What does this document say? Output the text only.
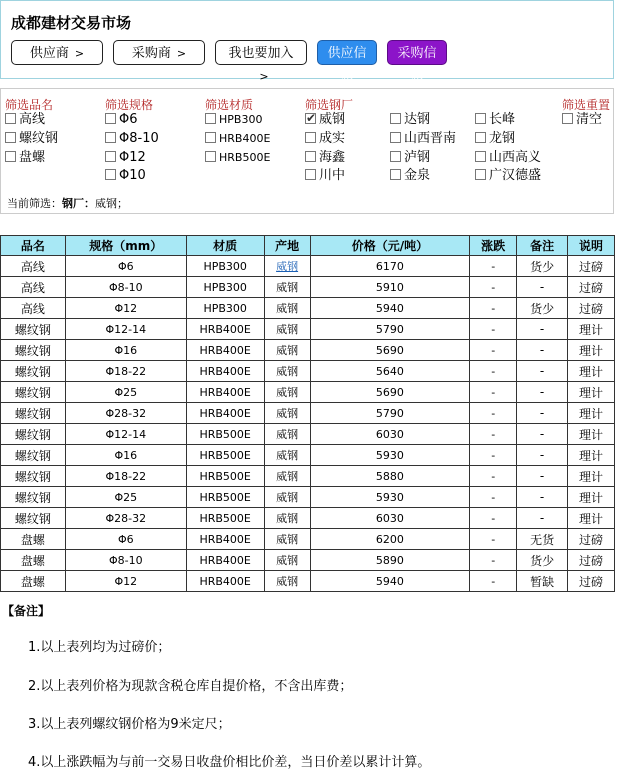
成都建材交易市场
供应商 >	采购商 >	我也要加入>
供应信息
采购信息
筛选品名
高线
螺纹钢
盘螺
筛选规格
Φ6
Φ8-10
Φ12
Φ10
筛选材质
HPB300
HRB400E
HRB500E
筛选钢厂
✔威钢
成实
海鑫
川中
达钢
山西晋南
泸钢
金泉
长峰
龙钢
山西高义
广汉德盛
筛选重置
清空
当前筛选：钢厂：威钢；
品名	规格（mm）	材质	产地	价格（元/吨）	涨跌	备注	说明
高线	Φ6	HPB300	威钢	6170	-	货少	过磅
高线	Φ8-10	HPB300	威钢	5910	-	-	过磅
高线	Φ12	HPB300	威钢	5940	-	货少	过磅
螺纹钢	Φ12-14	HRB400E	威钢	5790	-	-	理计
螺纹钢	Φ16	HRB400E	威钢	5690	-	-	理计
螺纹钢	Φ18-22	HRB400E	威钢	5640	-	-	理计
螺纹钢	Φ25	HRB400E	威钢	5690	-	-	理计
螺纹钢	Φ28-32	HRB400E	威钢	5790	-	-	理计
螺纹钢	Φ12-14	HRB500E	威钢	6030	-	-	理计
螺纹钢	Φ16	HRB500E	威钢	5930	-	-	理计
螺纹钢	Φ18-22	HRB500E	威钢	5880	-	-	理计
螺纹钢	Φ25	HRB500E	威钢	5930	-	-	理计
螺纹钢	Φ28-32	HRB500E	威钢	6030	-	-	理计
盘螺	Φ6	HRB400E	威钢	6200	-	无货	过磅
盘螺	Φ8-10	HRB400E	威钢	5890	-	货少	过磅
盘螺	Φ12	HRB400E	威钢	5940	-	暂缺	过磅
【备注】
1.以上表列均为过磅价；
2.以上表列价格为现款含税仓库自提价格，不含出库费；
3.以上表列螺纹钢价格为9米定尺；
4.以上涨跌幅为与前一交易日收盘价相比价差，当日价差以累计计算。
